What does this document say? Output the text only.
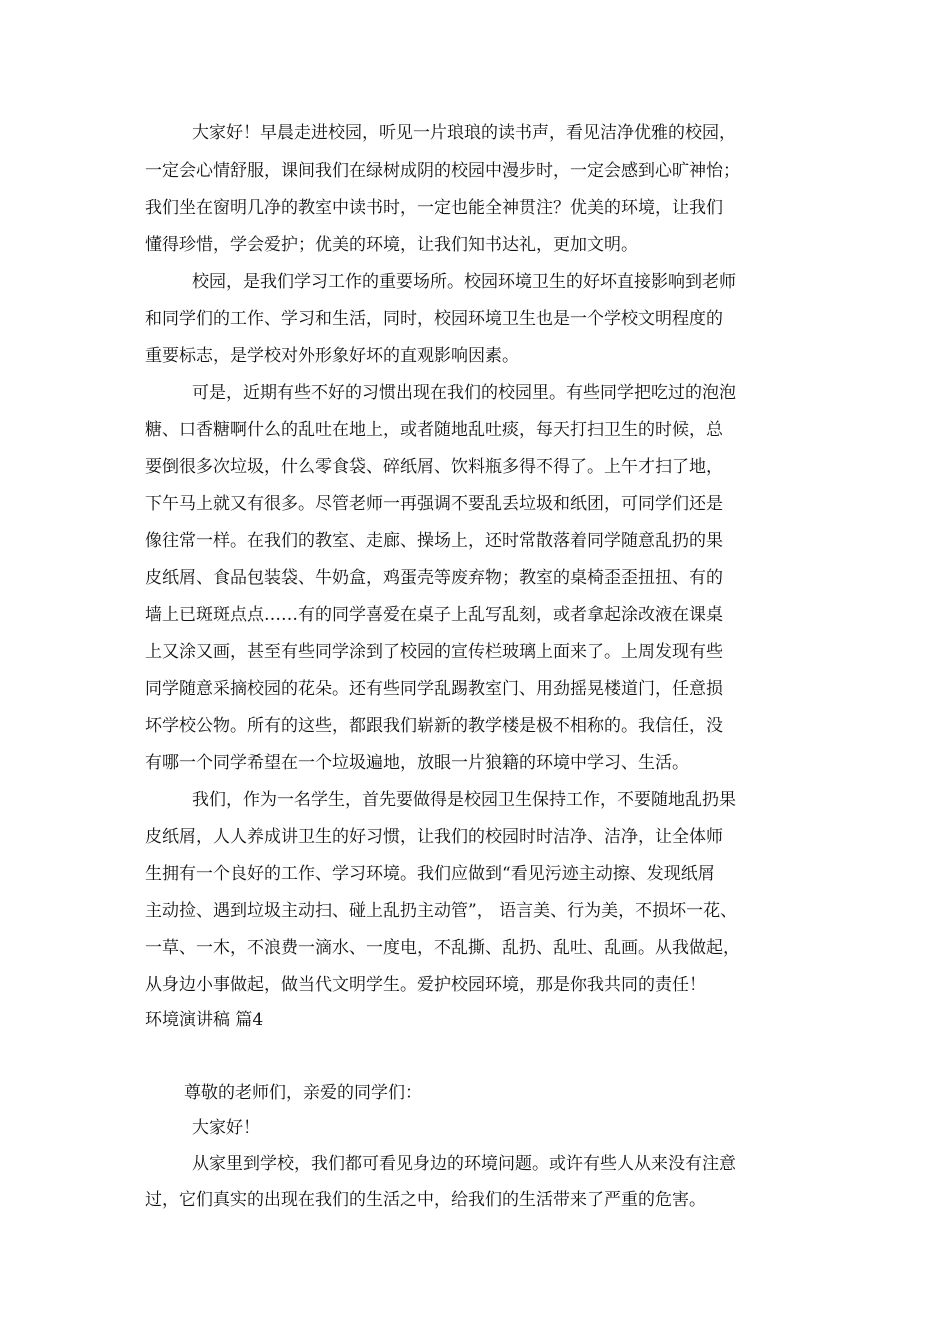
大家好！早晨走进校园，听见一片琅琅的读书声，看见洁净优雅的校园，
一定会心情舒服，课间我们在绿树成阴的校园中漫步时，一定会感到心旷神怡；
我们坐在窗明几净的教室中读书时，一定也能全神贯注？优美的环境，让我们
懂得珍惜，学会爱护；优美的环境，让我们知书达礼，更加文明。
校园，是我们学习工作的重要场所。校园环境卫生的好坏直接影响到老师
和同学们的工作、学习和生活，同时，校园环境卫生也是一个学校文明程度的
重要标志，是学校对外形象好坏的直观影响因素。
可是，近期有些不好的习惯出现在我们的校园里。有些同学把吃过的泡泡
糖、口香糖啊什么的乱吐在地上，或者随地乱吐痰，每天打扫卫生的时候，总
要倒很多次垃圾，什么零食袋、碎纸屑、饮料瓶多得不得了。上午才扫了地，
下午马上就又有很多。尽管老师一再强调不要乱丢垃圾和纸团，可同学们还是
像往常一样。在我们的教室、走廊、操场上，还时常散落着同学随意乱扔的果
皮纸屑、食品包装袋、牛奶盒，鸡蛋壳等废弃物；教室的桌椅歪歪扭扭、有的
墙上已斑斑点点……有的同学喜爱在桌子上乱写乱刻，或者拿起涂改液在课桌
上又涂又画，甚至有些同学涂到了校园的宣传栏玻璃上面来了。上周发现有些
同学随意采摘校园的花朵。还有些同学乱踢教室门、用劲摇晃楼道门，任意损
坏学校公物。所有的这些，都跟我们崭新的教学楼是极不相称的。我信任，没
有哪一个同学希望在一个垃圾遍地，放眼一片狼籍的环境中学习、生活。
我们，作为一名学生，首先要做得是校园卫生保持工作，不要随地乱扔果
皮纸屑，人人养成讲卫生的好习惯，让我们的校园时时洁净、洁净，让全体师
生拥有一个良好的工作、学习环境。我们应做到“看见污迹主动擦、发现纸屑
主动捡、遇到垃圾主动扫、碰上乱扔主动管”， 语言美、行为美，不损坏一花、
一草、一木，不浪费一滴水、一度电，不乱撕、乱扔、乱吐、乱画。从我做起，
从身边小事做起，做当代文明学生。爱护校园环境，那是你我共同的责任！
环境演讲稿 篇4
尊敬的老师们，亲爱的同学们：
大家好！
从家里到学校，我们都可看见身边的环境问题。或许有些人从来没有注意
过，它们真实的出现在我们的生活之中，给我们的生活带来了严重的危害。
